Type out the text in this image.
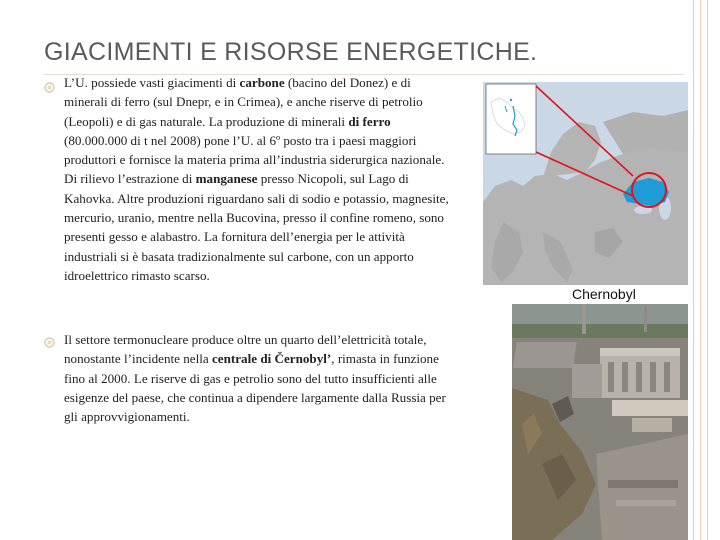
GIACIMENTI E RISORSE ENERGETICHE.
L’U. possiede vasti giacimenti di carbone (bacino del Donez) e di minerali di ferro (sul Dnepr, e in Crimea), e anche riserve di petrolio (Leopoli) e di gas naturale. La produzione di minerali di ferro (80.000.000 di t nel 2008) pone l’U. al 6º posto tra i paesi maggiori produttori e fornisce la materia prima all’industria siderurgica nazionale. Di rilievo l’estrazione di manganese presso Nicopoli, sul Lago di Kahovka. Altre produzioni riguardano sali di sodio e potassio, magnesite, mercurio, uranio, mentre nella Bucovina, presso il confine romeno, sono presenti gesso e alabastro. La fornitura dell’energia per le attività industriali si è basata tradizionalmente sul carbone, con un apporto idroelettrico rimasto scarso.
Il settore termonucleare produce oltre un quarto dell’elettricità totale, nonostante l’incidente nella centrale di Černobyl’, rimasta in funzione fino al 2000. Le riserve di gas e petrolio sono del tutto insufficienti alle esigenze del paese, che continua a dipendere largamente dalla Russia per gli approvvigionamenti.
Chernobyl
